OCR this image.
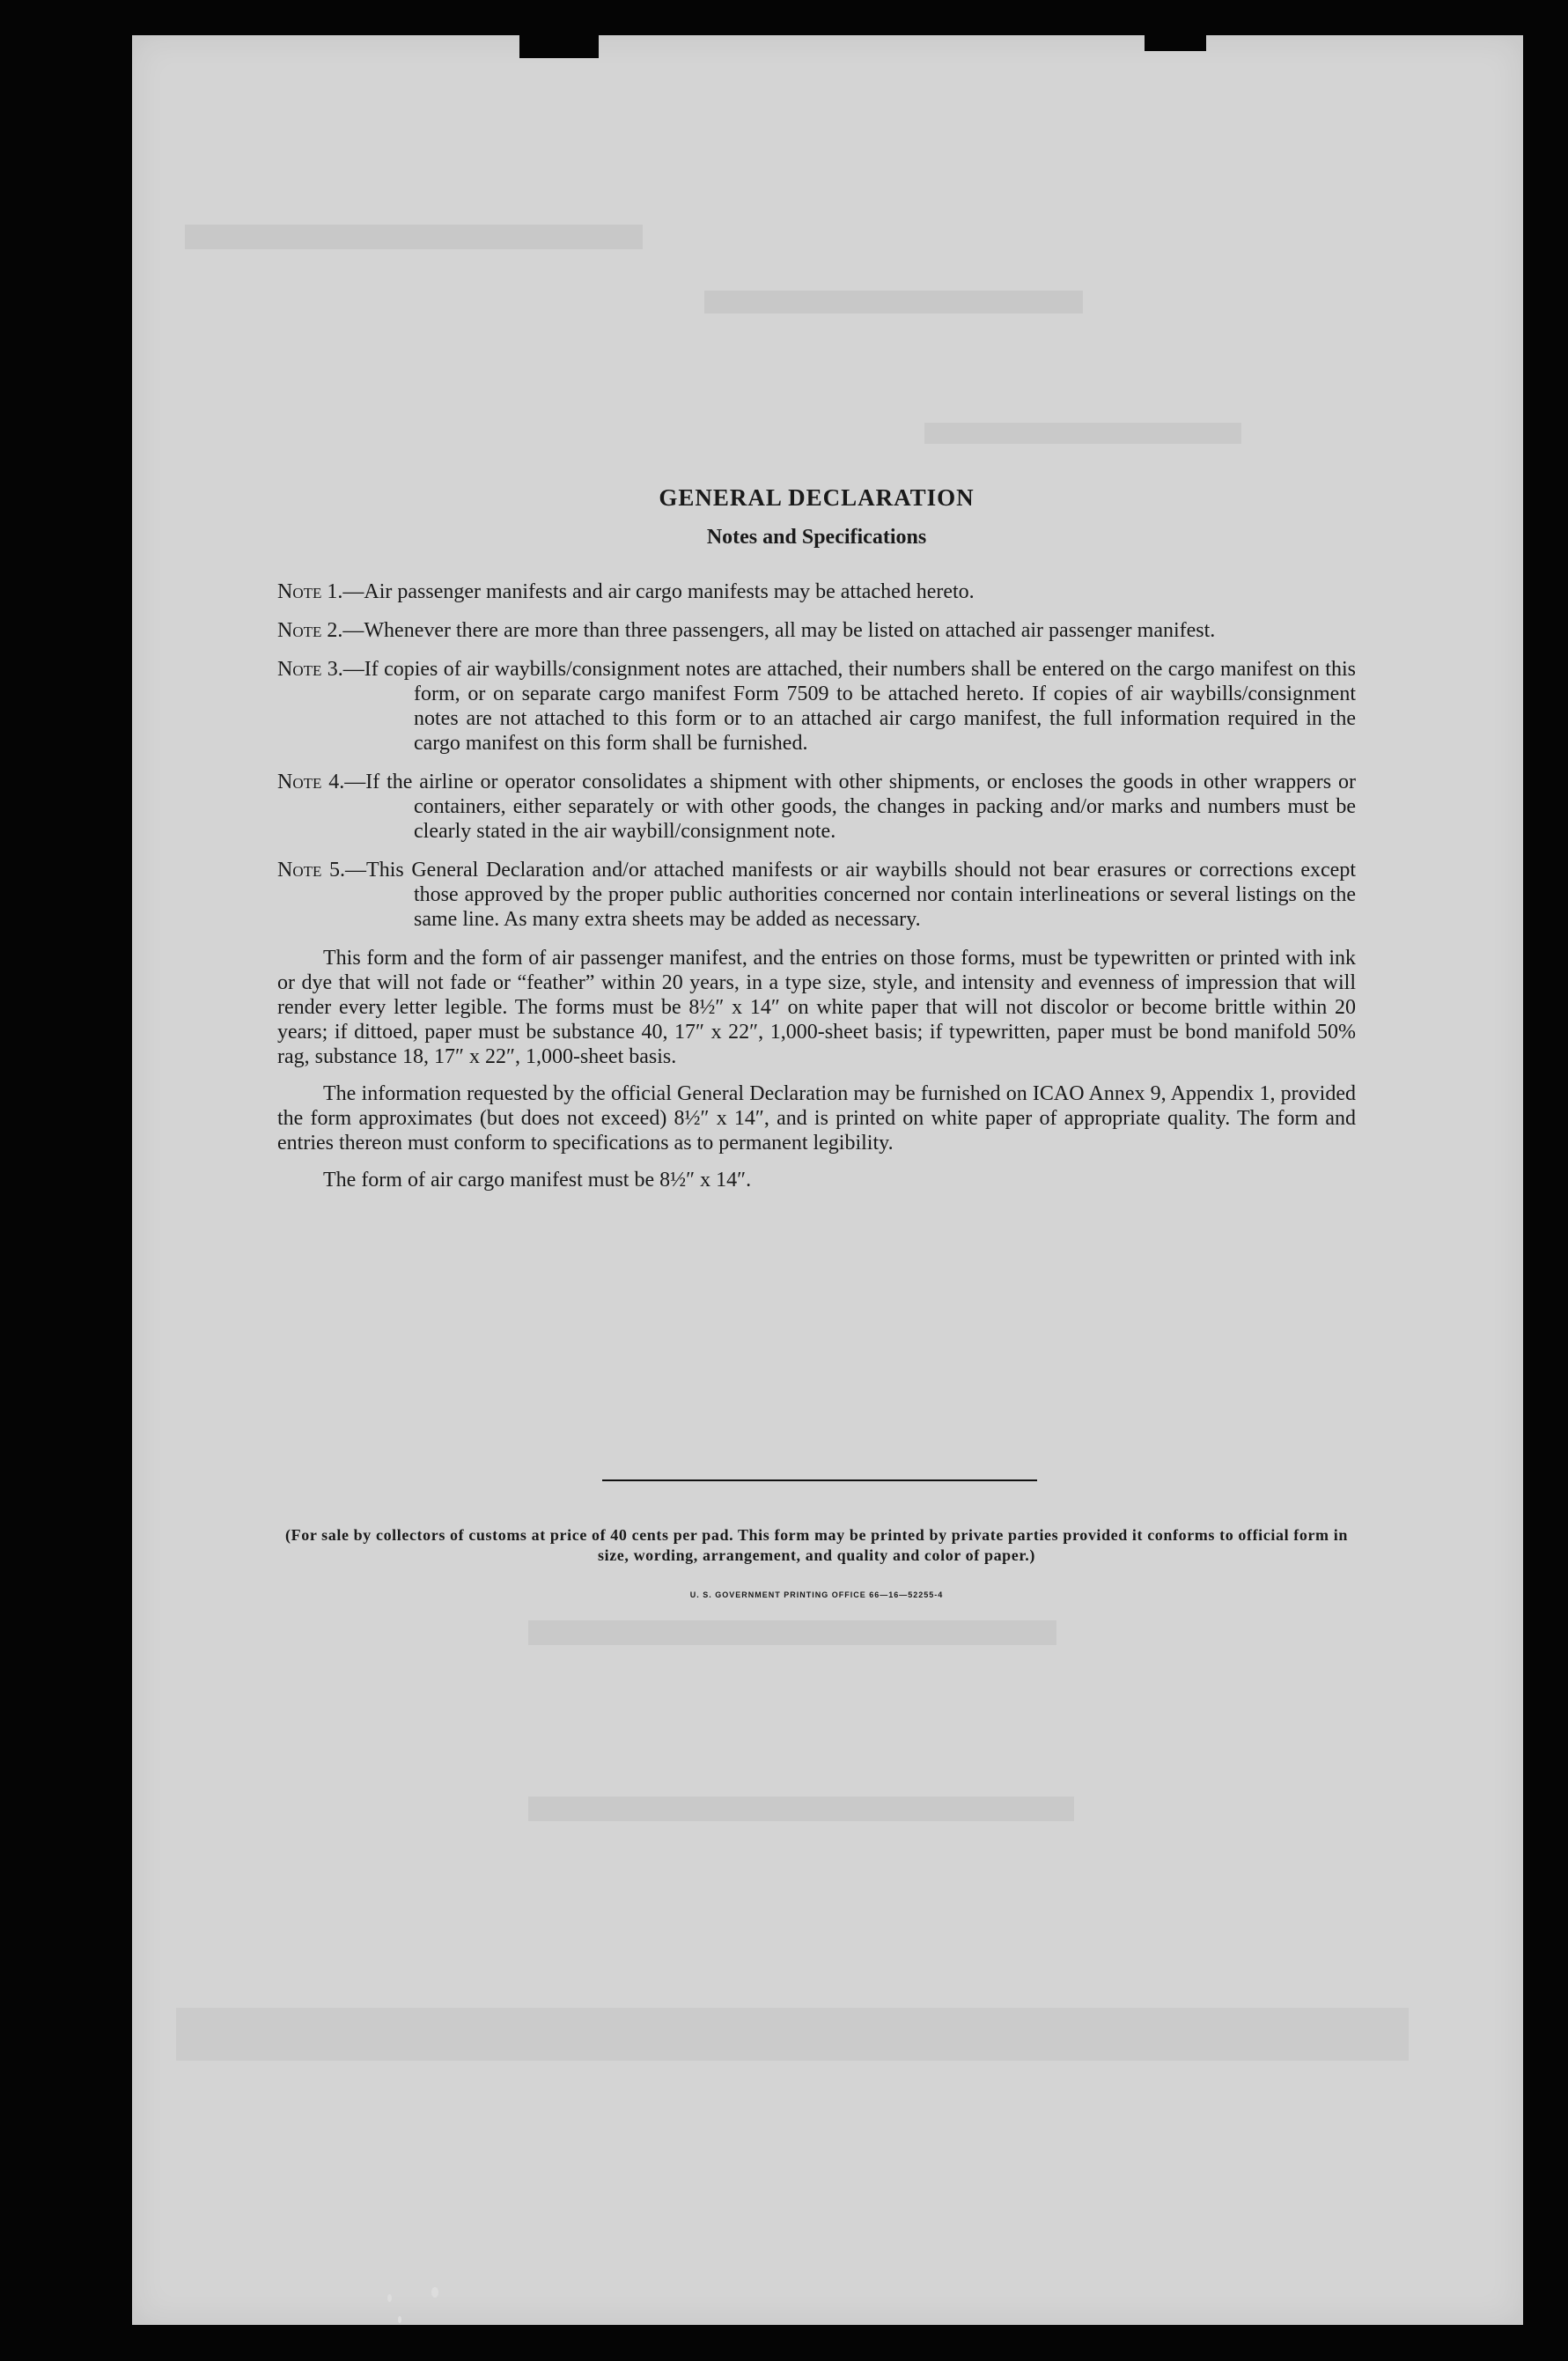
GENERAL DECLARATION
Notes and Specifications
Note 1.—Air passenger manifests and air cargo manifests may be attached hereto.
Note 2.—Whenever there are more than three passengers, all may be listed on attached air passenger manifest.
Note 3.—If copies of air waybills/consignment notes are attached, their numbers shall be entered on the cargo manifest on this form, or on separate cargo manifest Form 7509 to be attached hereto. If copies of air waybills/consignment notes are not attached to this form or to an attached air cargo manifest, the full information required in the cargo manifest on this form shall be furnished.
Note 4.—If the airline or operator consolidates a shipment with other shipments, or encloses the goods in other wrappers or containers, either separately or with other goods, the changes in packing and/or marks and numbers must be clearly stated in the air waybill/consignment note.
Note 5.—This General Declaration and/or attached manifests or air waybills should not bear erasures or corrections except those approved by the proper public authorities concerned nor contain interlineations or several listings on the same line. As many extra sheets may be added as necessary.

This form and the form of air passenger manifest, and the entries on those forms, must be typewritten or printed with ink or dye that will not fade or “feather” within 20 years, in a type size, style, and intensity and evenness of impression that will render every letter legible. The forms must be 8½″ x 14″ on white paper that will not discolor or become brittle within 20 years; if dittoed, paper must be substance 40, 17″ x 22″, 1,000-sheet basis; if typewritten, paper must be bond manifold 50% rag, substance 18, 17″ x 22″, 1,000-sheet basis.

The information requested by the official General Declaration may be furnished on ICAO Annex 9, Appendix 1, provided the form approximates (but does not exceed) 8½″ x 14″, and is printed on white paper of appropriate quality. The form and entries thereon must conform to specifications as to permanent legibility.

The form of air cargo manifest must be 8½″ x 14″.

(For sale by collectors of customs at price of 40 cents per pad. This form may be printed by private parties provided it conforms to official form in size, wording, arrangement, and quality and color of paper.)
U. S. GOVERNMENT PRINTING OFFICE 66—16—52255-4
